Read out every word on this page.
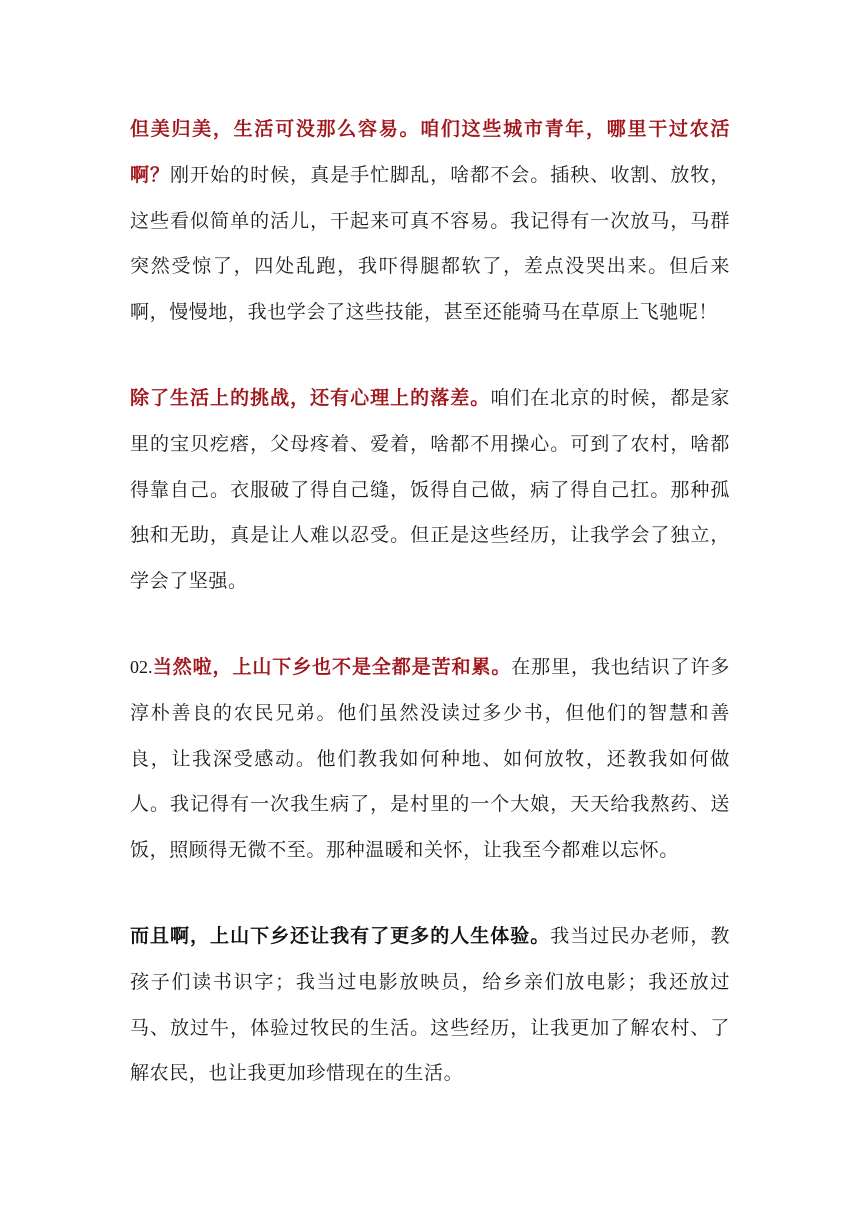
但美归美，生活可没那么容易。咱们这些城市青年，哪里干过农活啊？刚开始的时候，真是手忙脚乱，啥都不会。插秧、收割、放牧，这些看似简单的活儿，干起来可真不容易。我记得有一次放马，马群突然受惊了，四处乱跑，我吓得腿都软了，差点没哭出来。但后来啊，慢慢地，我也学会了这些技能，甚至还能骑马在草原上飞驰呢！

除了生活上的挑战，还有心理上的落差。咱们在北京的时候，都是家里的宝贝疙瘩，父母疼着、爱着，啥都不用操心。可到了农村，啥都得靠自己。衣服破了得自己缝，饭得自己做，病了得自己扛。那种孤独和无助，真是让人难以忍受。但正是这些经历，让我学会了独立，学会了坚强。

02.当然啦，上山下乡也不是全都是苦和累。在那里，我也结识了许多淳朴善良的农民兄弟。他们虽然没读过多少书，但他们的智慧和善良，让我深受感动。他们教我如何种地、如何放牧，还教我如何做人。我记得有一次我生病了，是村里的一个大娘，天天给我熬药、送饭，照顾得无微不至。那种温暖和关怀，让我至今都难以忘怀。

而且啊，上山下乡还让我有了更多的人生体验。我当过民办老师，教孩子们读书识字；我当过电影放映员，给乡亲们放电影；我还放过马、放过牛，体验过牧民的生活。这些经历，让我更加了解农村、了解农民，也让我更加珍惜现在的生活。
